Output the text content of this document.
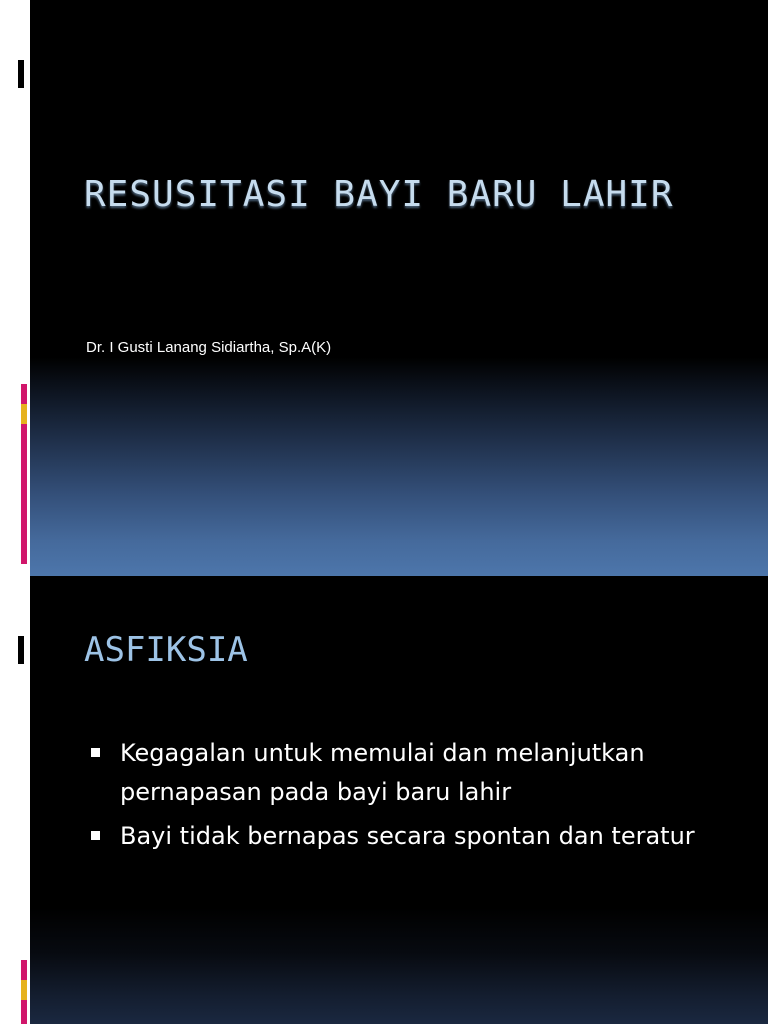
RESUSITASI BAYI BARU LAHIR

Dr. I Gusti Lanang Sidiartha, Sp.A(K)

ASFIKSIA
Kegagalan untuk memulai dan melanjutkan pernapasan pada bayi baru lahir
Bayi tidak bernapas secara spontan dan teratur
